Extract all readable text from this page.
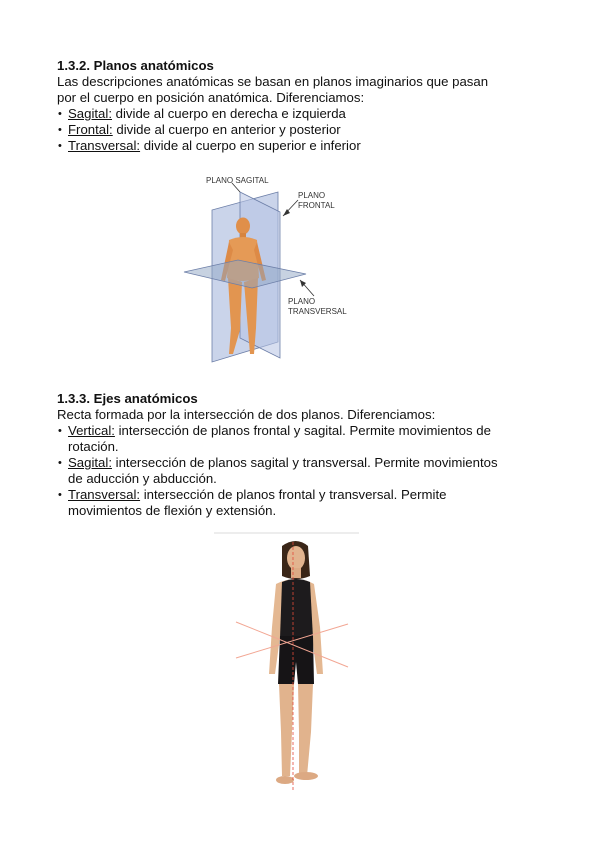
1.3.2. Planos anatómicos
Las descripciones anatómicas se basan en planos imaginarios que pasan
por el cuerpo en posición anatómica. Diferenciamos:
• Sagital: divide al cuerpo en derecha e izquierda
• Frontal: divide al cuerpo en anterior y posterior
• Transversal: divide al cuerpo en superior e inferior
PLANO SAGITAL
PLANO
FRONTAL
PLANO
TRANSVERSAL
1.3.3. Ejes anatómicos
Recta formada por la intersección de dos planos. Diferenciamos:
• Vertical: intersección de planos frontal y sagital. Permite movimientos de
rotación.
• Sagital: intersección de planos sagital y transversal. Permite movimientos
de aducción y abducción.
• Transversal: intersección de planos frontal y transversal. Permite
movimientos de flexión y extensión.
